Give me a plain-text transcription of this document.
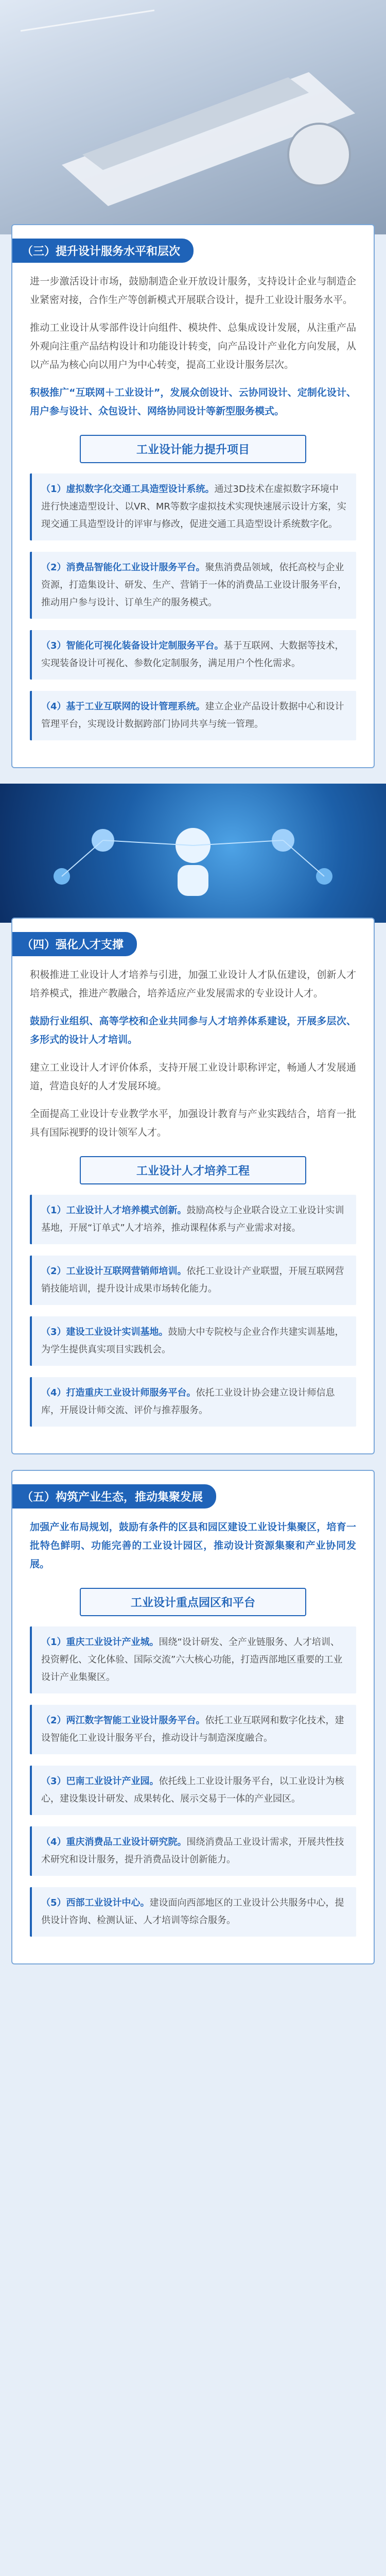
（三）提升设计服务水平和层次

进一步激活设计市场，鼓励制造企业开放设计服务，支持设计企业与制造企业紧密对接，合作生产等创新模式开展联合设计，提升工业设计服务水平。

推动工业设计从零部件设计向组件、模块件、总集成设计发展，从注重产品外观向注重产品结构设计和功能设计转变，向产品设计产业化方向发展，从以产品为核心向以用户为中心转变，提高工业设计服务层次。

积极推广“互联网＋工业设计”，发展众创设计、云协同设计、定制化设计、用户参与设计、众包设计、网络协同设计等新型服务模式。

工业设计能力提升项目
（1）虚拟数字化交通工具造型设计系统。通过3D技术在虚拟数字环境中进行快速造型设计、以VR、MR等数字虚拟技术实现快速展示设计方案，实现交通工具造型设计的评审与修改，促进交通工具造型设计系统数字化。
（2）消费品智能化工业设计服务平台。聚焦消费品领域，依托高校与企业资源，打造集设计、研发、生产、营销于一体的消费品工业设计服务平台，推动用户参与设计、订单生产的服务模式。
（3）智能化可视化装备设计定制服务平台。基于互联网、大数据等技术，实现装备设计可视化、参数化定制服务，满足用户个性化需求。
（4）基于工业互联网的设计管理系统。建立企业产品设计数据中心和设计管理平台，实现设计数据跨部门协同共享与统一管理。
（四）强化人才支撑

积极推进工业设计人才培养与引进，加强工业设计人才队伍建设，创新人才培养模式，推进产教融合，培养适应产业发展需求的专业设计人才。

鼓励行业组织、高等学校和企业共同参与人才培养体系建设，开展多层次、多形式的设计人才培训。

建立工业设计人才评价体系，支持开展工业设计职称评定，畅通人才发展通道，营造良好的人才发展环境。

全面提高工业设计专业教学水平，加强设计教育与产业实践结合，培育一批具有国际视野的设计领军人才。

工业设计人才培养工程
（1）工业设计人才培养模式创新。鼓励高校与企业联合设立工业设计实训基地，开展“订单式”人才培养，推动课程体系与产业需求对接。
（2）工业设计互联网营销师培训。依托工业设计产业联盟，开展互联网营销技能培训，提升设计成果市场转化能力。
（3）建设工业设计实训基地。鼓励大中专院校与企业合作共建实训基地，为学生提供真实项目实践机会。
（4）打造重庆工业设计师服务平台。依托工业设计协会建立设计师信息库，开展设计师交流、评价与推荐服务。
（五）构筑产业生态，推动集聚发展

加强产业布局规划，鼓励有条件的区县和园区建设工业设计集聚区，培育一批特色鲜明、功能完善的工业设计园区，推动设计资源集聚和产业协同发展。

工业设计重点园区和平台
（1）重庆工业设计产业城。围绕“设计研发、全产业链服务、人才培训、投资孵化、文化体验、国际交流”六大核心功能，打造西部地区重要的工业设计产业集聚区。
（2）两江数字智能工业设计服务平台。依托工业互联网和数字化技术，建设智能化工业设计服务平台，推动设计与制造深度融合。
（3）巴南工业设计产业园。依托线上工业设计服务平台，以工业设计为核心，建设集设计研发、成果转化、展示交易于一体的产业园区。
（4）重庆消费品工业设计研究院。围绕消费品工业设计需求，开展共性技术研究和设计服务，提升消费品设计创新能力。
（5）西部工业设计中心。建设面向西部地区的工业设计公共服务中心，提供设计咨询、检测认证、人才培训等综合服务。
